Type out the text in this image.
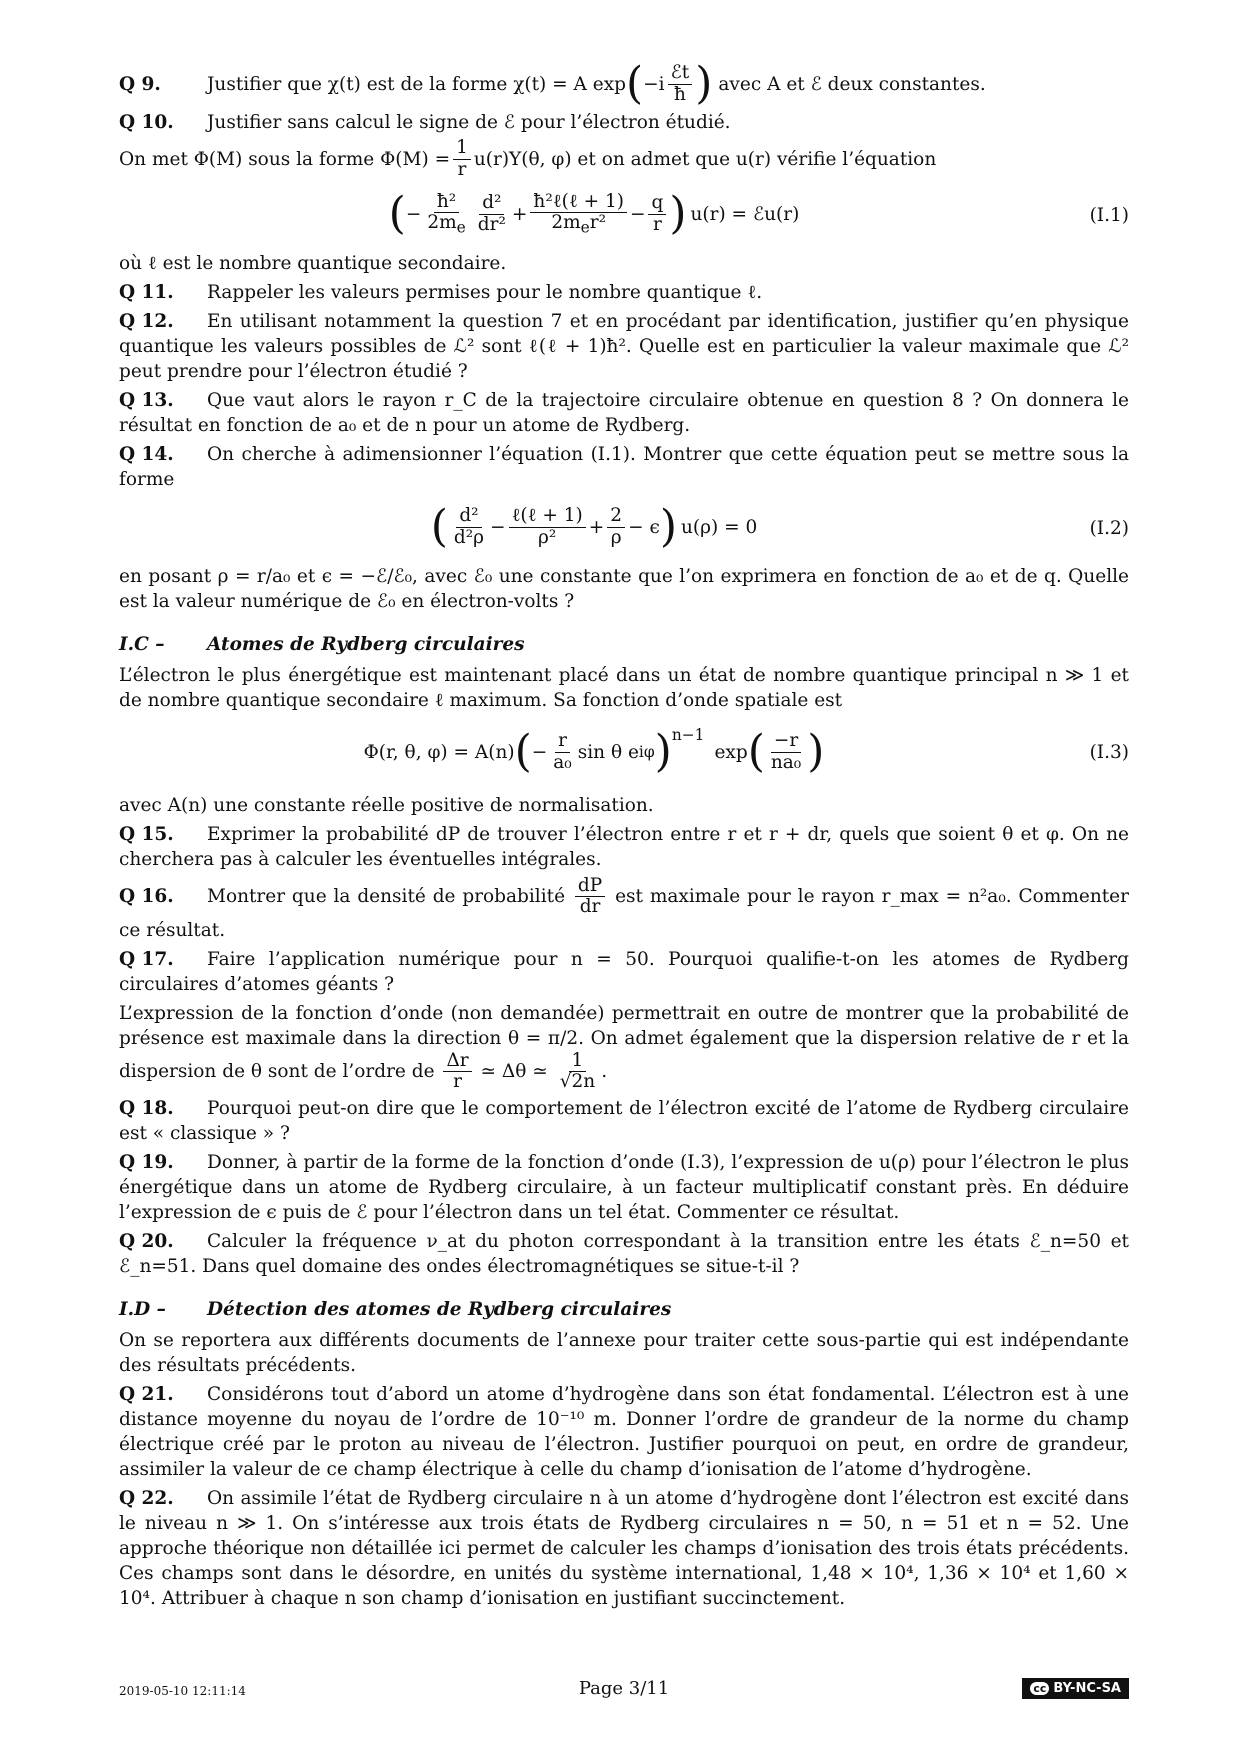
Q 9.	Justifier que χ(t) est de la forme χ(t) = A exp ( $-i \frac{\text{ℰt}}{ħ}$ ) avec A et ℰ deux constantes.
Q 10. Justifier sans calcul le signe de ℰ pour l’électron étudié.
On met Φ(M) sous la forme $\Phi(M) = \frac{1}{r} u(r)Y(\theta$, φ) et on admet que u(r) vérifie l’équation
( − $\frac{\text{ħ²}}{2m_e} \frac{\text{d²}}{\text{dr²}} + \frac{\text{ħ²ℓ(ℓ + 1)}}{2m_er^2} - \frac{q}{r}$ ) u(r) = ℰu(r)	(I.1)
où ℓ est le nombre quantique secondaire.
Q 11. Rappeler les valeurs permises pour le nombre quantique ℓ.
Q 12. En utilisant notamment la question 7 et en procédant par identification, justifier qu’en physique quantique les valeurs possibles de ℒ² sont ℓ(ℓ + 1)ħ². Quelle est en particulier la valeur maximale que ℒ² peut prendre pour l’électron étudié ?
Q 13. Que vaut alors le rayon r_C de la trajectoire circulaire obtenue en question 8 ? On donnera le résultat en fonction de a₀ et de n pour un atome de Rydberg.
Q 14. On cherche à adimensionner l’équation (I.1). Montrer que cette équation peut se mettre sous la forme
( $\frac{\text{d²}}{\text{d²ρ}} - \frac{\text{ℓ(ℓ + 1)}}{\text{ρ²}} + \frac{2}{\rho} - \epsilon$ ) u(ρ) = 0	(I.2)
en posant ρ = r/a₀ et ϵ = −ℰ/ℰ₀, avec ℰ₀ une constante que l’on exprimera en fonction de a₀ et de q. Quelle est la valeur numérique de ℰ₀ en électron-volts ?
I.C – Atomes de Rydberg circulaires
L’électron le plus énergétique est maintenant placé dans un état de nombre quantique principal n ≫ 1 et de nombre quantique secondaire ℓ maximum. Sa fonction d’onde spatiale est
Φ(r, θ, φ) = A(n) ( − $\frac{r}{\text{a₀}}$ sin θ e iφ )$^{n-1}$
exp ( $\frac{-r}{\text{na₀}}$ )	(I.3)
avec A(n) une constante réelle positive de normalisation.
Q 15. Exprimer la probabilité dP de trouver l’électron entre r et r + dr, quels que soient θ et φ. On ne cherchera pas à calculer les éventuelles intégrales.
Q 16. Montrer que la densité de probabilité $\frac{dP}{dr}$ est maximale pour le rayon r_max = n²a₀. Commenter ce résultat.
Q 17. Faire l’application numérique pour n = 50. Pourquoi qualifie-t-on les atomes de Rydberg circulaires d’atomes géants ?
L’expression de la fonction d’onde (non demandée) permettrait en outre de montrer que la probabilité de présence est maximale dans la direction θ = π/2. On admet également que la dispersion relative de r et la dispersion de θ sont de l’ordre de $\frac{\Delta r}{r}$ ≃ Δθ ≃ $\frac{1}{√2n}$ .
Q 18. Pourquoi peut-on dire que le comportement de l’électron excité de l’atome de Rydberg circulaire est « classique » ?
Q 19. Donner, à partir de la forme de la fonction d’onde (I.3), l’expression de u(ρ) pour l’électron le plus énergétique dans un atome de Rydberg circulaire, à un facteur multiplicatif constant près. En déduire l’expression de ϵ puis de ℰ pour l’électron dans un tel état. Commenter ce résultat.
Q 20. Calculer la fréquence ν_at du photon correspondant à la transition entre les états ℰ_n=50 et ℰ_n=51. Dans quel domaine des ondes électromagnétiques se situe-t-il ?
I.D – Détection des atomes de Rydberg circulaires
On se reportera aux différents documents de l’annexe pour traiter cette sous-partie qui est indépendante des résultats précédents.
Q 21. Considérons tout d’abord un atome d’hydrogène dans son état fondamental. L’électron est à une distance moyenne du noyau de l’ordre de 10⁻¹⁰ m. Donner l’ordre de grandeur de la norme du champ électrique créé par le proton au niveau de l’électron. Justifier pourquoi on peut, en ordre de grandeur, assimiler la valeur de ce champ électrique à celle du champ d’ionisation de l’atome d’hydrogène.
Q 22. On assimile l’état de Rydberg circulaire n à un atome d’hydrogène dont l’électron est excité dans le niveau n ≫ 1. On s’intéresse aux trois états de Rydberg circulaires n = 50, n = 51 et n = 52. Une approche théorique non détaillée ici permet de calculer les champs d’ionisation des trois états précédents. Ces champs sont dans le désordre, en unités du système international, 1,48 × 10⁴, 1,36 × 10⁴ et 1,60 × 10⁴. Attribuer à chaque n son champ d’ionisation en justifiant succinctement.
2019-05-10 12:11:14	Page 3/11	cc BY-NC-SA
